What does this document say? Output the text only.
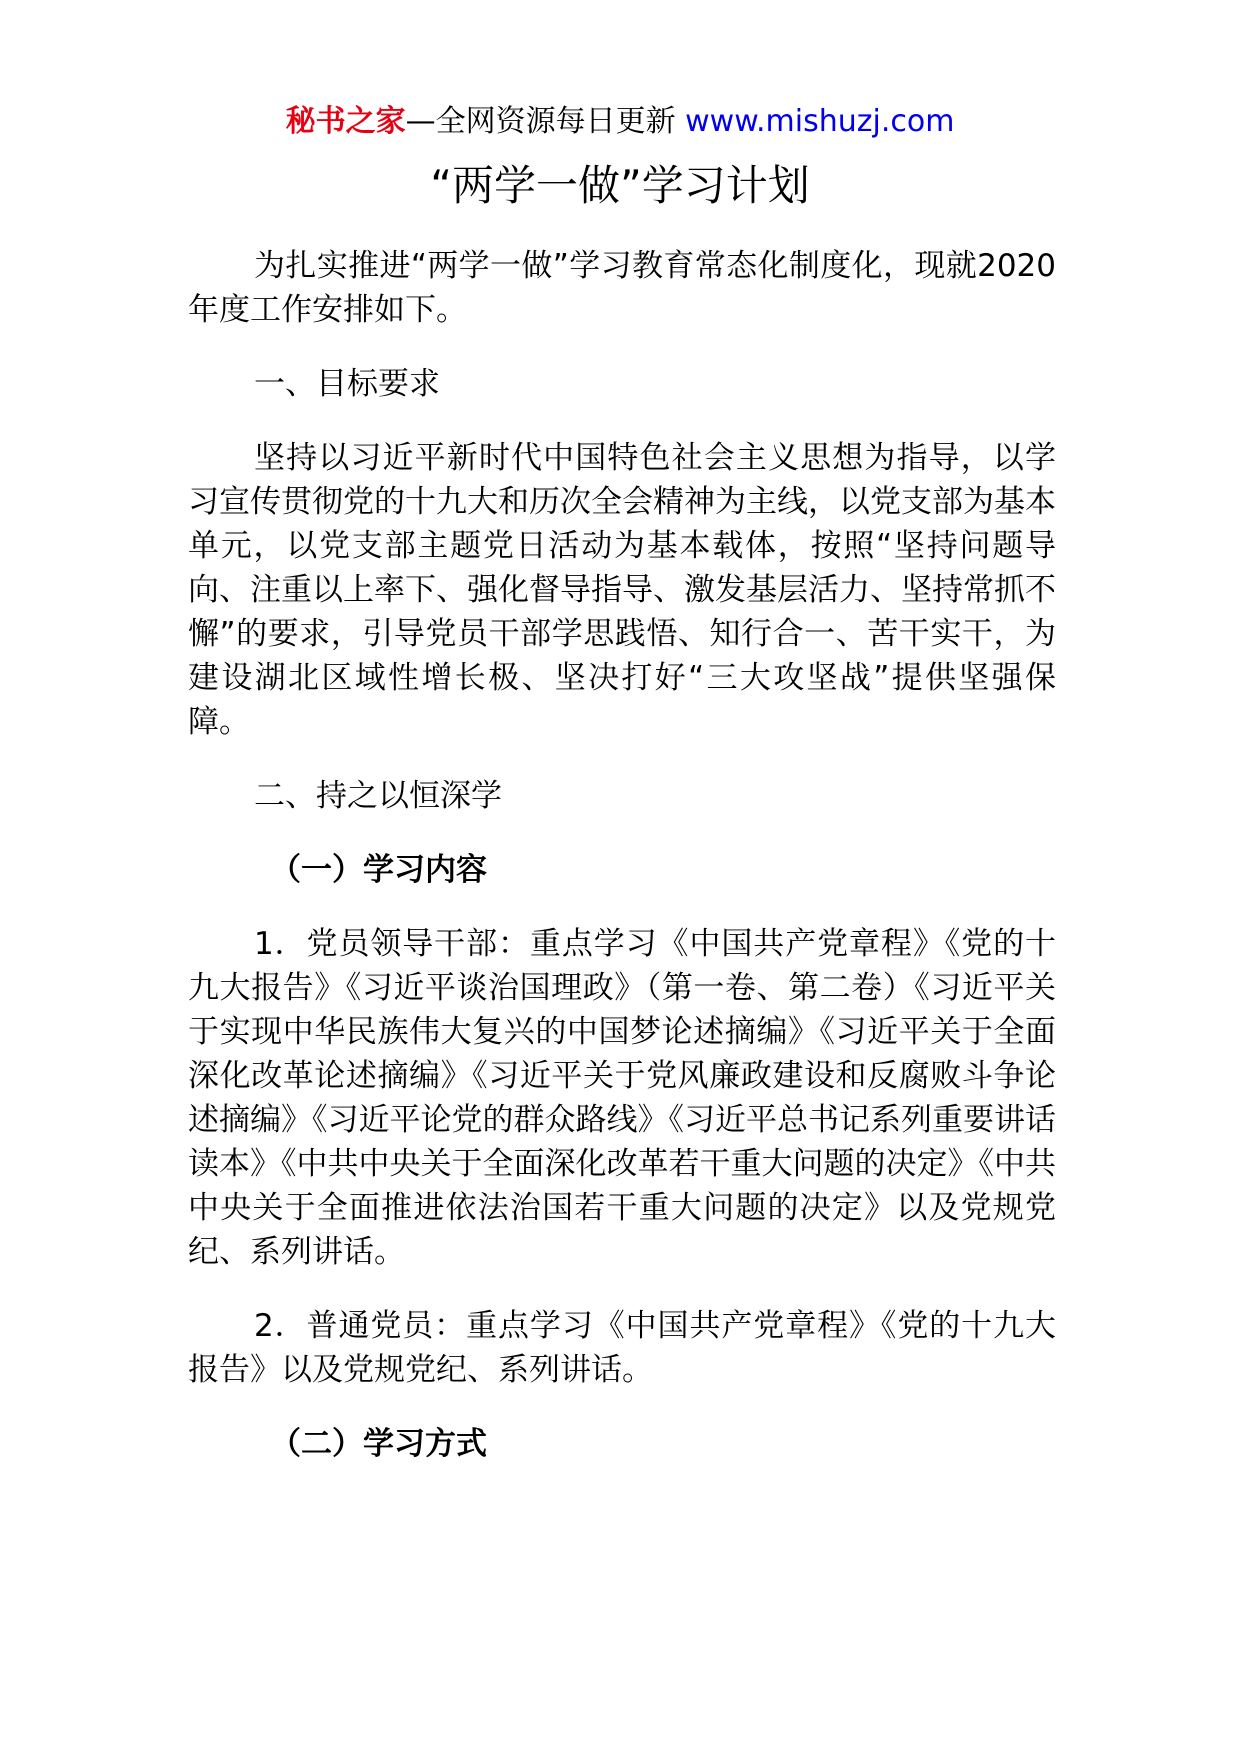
秘书之家—全网资源每日更新 www.mishuzj.com
“两学一做”学习计划

为扎实推进“两学一做”学习教育常态化制度化，现就2020年度工作安排如下。

一、目标要求

坚持以习近平新时代中国特色社会主义思想为指导，以学习宣传贯彻党的十九大和历次全会精神为主线，以党支部为基本单元，以党支部主题党日活动为基本载体，按照“坚持问题导向、注重以上率下、强化督导指导、激发基层活力、坚持常抓不懈”的要求，引导党员干部学思践悟、知行合一、苦干实干，为建设湖北区域性增长极、坚决打好“三大攻坚战”提供坚强保障。

二、持之以恒深学

（一）学习内容

1．党员领导干部：重点学习《中国共产党章程》《党的十九大报告》《习近平谈治国理政》（第一卷、第二卷）《习近平关于实现中华民族伟大复兴的中国梦论述摘编》《习近平关于全面深化改革论述摘编》《习近平关于党风廉政建设和反腐败斗争论述摘编》《习近平论党的群众路线》《习近平总书记系列重要讲话读本》《中共中央关于全面深化改革若干重大问题的决定》《中共中央关于全面推进依法治国若干重大问题的决定》以及党规党纪、系列讲话。

2．普通党员：重点学习《中国共产党章程》《党的十九大报告》以及党规党纪、系列讲话。

（二）学习方式
